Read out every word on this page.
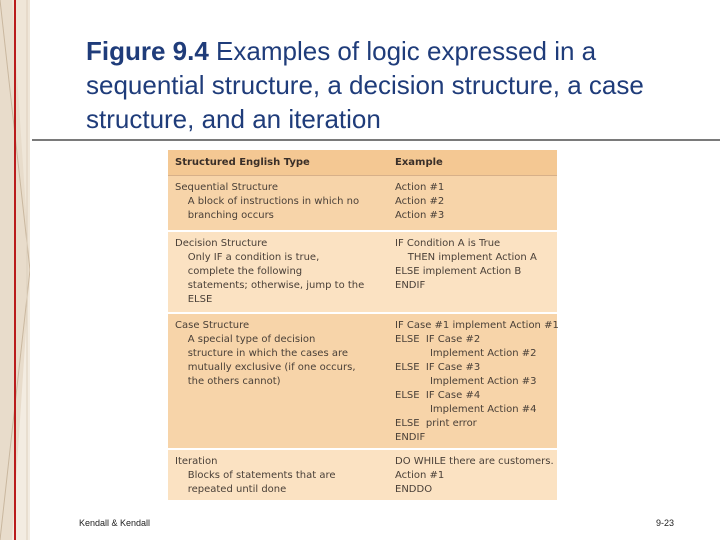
Figure 9.4 Examples of logic expressed in a sequential structure, a decision structure, a case structure, and an iteration
Structured English Type	Example
Sequential Structure
A block of instructions in which no
branching occurs
Action #1
Action #2
Action #3
Decision Structure
Only IF a condition is true,
complete the following
statements; otherwise, jump to the
ELSE
IF Condition A is True
THEN implement Action A
ELSE implement Action B
ENDIF
Case Structure
A special type of decision
structure in which the cases are
mutually exclusive (if one occurs,
the others cannot)
IF Case #1 implement Action #1
ELSE  IF Case #2
Implement Action #2
ELSE  IF Case #3
Implement Action #3
ELSE  IF Case #4
Implement Action #4
ELSE  print error
ENDIF
Iteration
Blocks of statements that are
repeated until done
DO WHILE there are customers.
Action #1
ENDDO
Kendall & Kendall	9-23
